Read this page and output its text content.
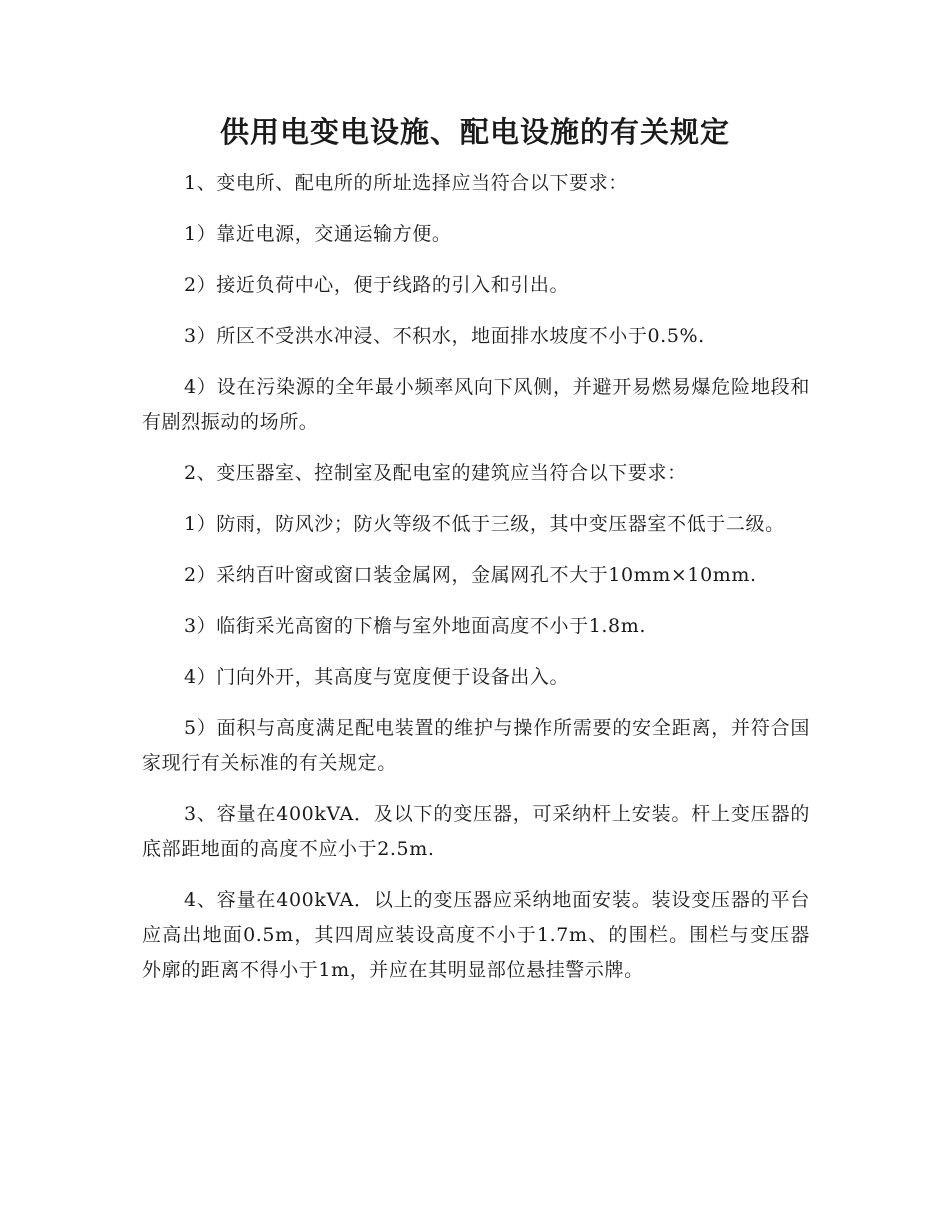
供用电变电设施、配电设施的有关规定

1、变电所、配电所的所址选择应当符合以下要求：

1）靠近电源，交通运输方便。

2）接近负荷中心，便于线路的引入和引出。

3）所区不受洪水冲浸、不积水，地面排水坡度不小于0.5%.

4）设在污染源的全年最小频率风向下风侧，并避开易燃易爆危险地段和有剧烈振动的场所。

2、变压器室、控制室及配电室的建筑应当符合以下要求：

1）防雨，防风沙；防火等级不低于三级，其中变压器室不低于二级。

2）采纳百叶窗或窗口装金属网，金属网孔不大于10mm×10mm.

3）临街采光高窗的下檐与室外地面高度不小于1.8m.

4）门向外开，其高度与宽度便于设备出入。

5）面积与高度满足配电装置的维护与操作所需要的安全距离，并符合国家现行有关标准的有关规定。

3、容量在400kVA．及以下的变压器，可采纳杆上安装。杆上变压器的底部距地面的高度不应小于2.5m.

4、容量在400kVA．以上的变压器应采纳地面安装。装设变压器的平台应高出地面0.5m，其四周应装设高度不小于1.7m、的围栏。围栏与变压器外廓的距离不得小于1m，并应在其明显部位悬挂警示牌。
